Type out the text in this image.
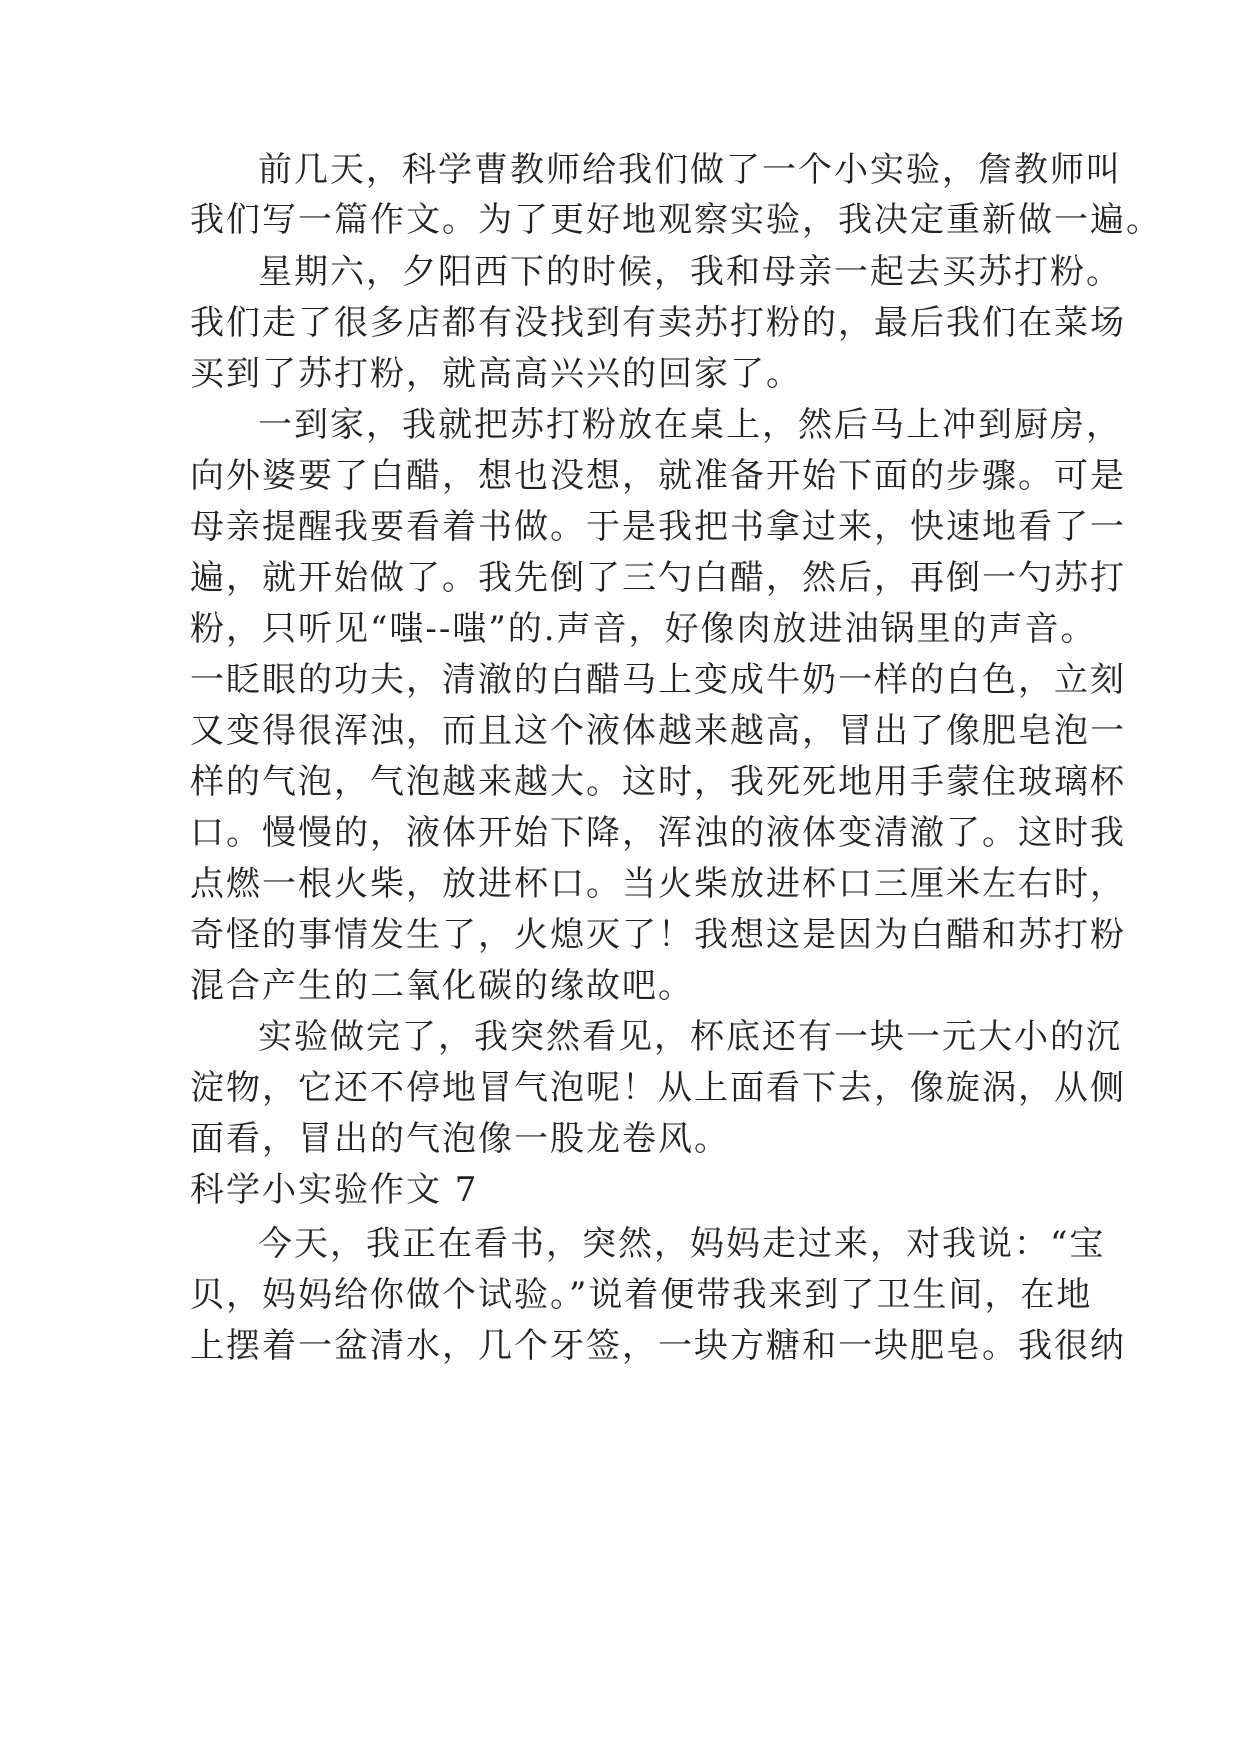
前几天，科学曹教师给我们做了一个小实验，詹教师叫

我们写一篇作文。为了更好地观察实验，我决定重新做一遍。

星期六，夕阳西下的时候，我和母亲一起去买苏打粉。

我们走了很多店都有没找到有卖苏打粉的，最后我们在菜场

买到了苏打粉，就高高兴兴的回家了。

一到家，我就把苏打粉放在桌上，然后马上冲到厨房，

向外婆要了白醋，想也没想，就准备开始下面的步骤。可是

母亲提醒我要看着书做。于是我把书拿过来，快速地看了一

遍，就开始做了。我先倒了三勺白醋，然后，再倒一勺苏打

粉，只听见“嗤--嗤”的.声音，好像肉放进油锅里的声音。

一眨眼的功夫，清澈的白醋马上变成牛奶一样的白色，立刻

又变得很浑浊，而且这个液体越来越高，冒出了像肥皂泡一

样的气泡，气泡越来越大。这时，我死死地用手蒙住玻璃杯

口。慢慢的，液体开始下降，浑浊的液体变清澈了。这时我

点燃一根火柴，放进杯口。当火柴放进杯口三厘米左右时，

奇怪的事情发生了，火熄灭了！我想这是因为白醋和苏打粉

混合产生的二氧化碳的缘故吧。

实验做完了，我突然看见，杯底还有一块一元大小的沉

淀物，它还不停地冒气泡呢！从上面看下去，像旋涡，从侧

面看，冒出的气泡像一股龙卷风。

科学小实验作文 7

今天，我正在看书，突然，妈妈走过来，对我说：“宝

贝，妈妈给你做个试验。”说着便带我来到了卫生间，在地

上摆着一盆清水，几个牙签，一块方糖和一块肥皂。我很纳
